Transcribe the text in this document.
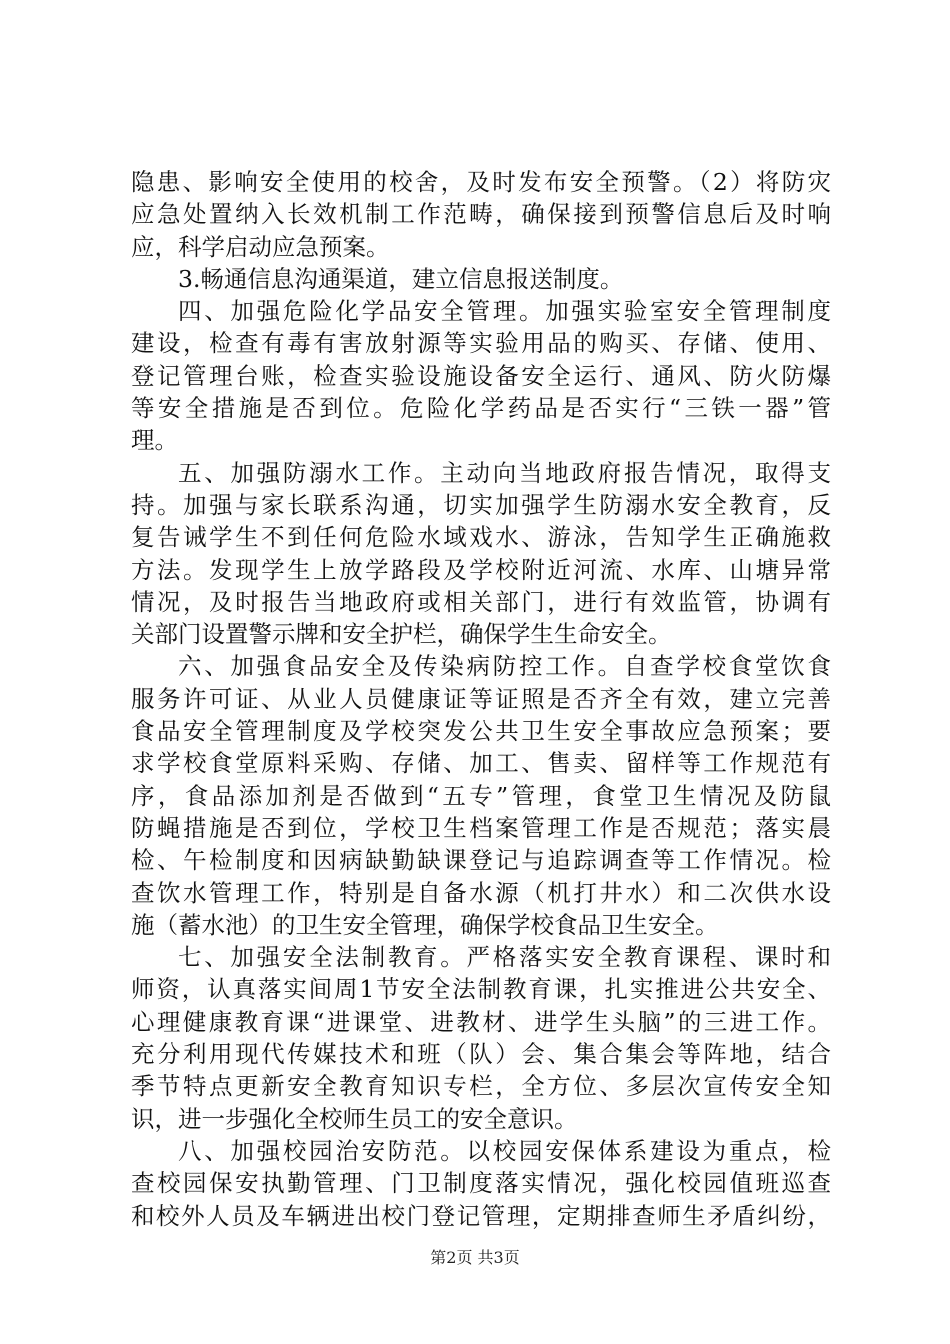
隐患、影响安全使用的校舍，及时发布安全预警。（2）将防灾
应急处置纳入长效机制工作范畴，确保接到预警信息后及时响
应，科学启动应急预案。
3.畅通信息沟通渠道，建立信息报送制度。
四、加强危险化学品安全管理。加强实验室安全管理制度
建设，检查有毒有害放射源等实验用品的购买、存储、使用、
登记管理台账，检查实验设施设备安全运行、通风、防火防爆
等安全措施是否到位。危险化学药品是否实行“三铁一器”管
理。
五、加强防溺水工作。主动向当地政府报告情况，取得支
持。加强与家长联系沟通，切实加强学生防溺水安全教育，反
复告诫学生不到任何危险水域戏水、游泳，告知学生正确施救
方法。发现学生上放学路段及学校附近河流、水库、山塘异常
情况，及时报告当地政府或相关部门，进行有效监管，协调有
关部门设置警示牌和安全护栏，确保学生生命安全。
六、加强食品安全及传染病防控工作。自查学校食堂饮食
服务许可证、从业人员健康证等证照是否齐全有效，建立完善
食品安全管理制度及学校突发公共卫生安全事故应急预案；要
求学校食堂原料采购、存储、加工、售卖、留样等工作规范有
序，食品添加剂是否做到“五专”管理，食堂卫生情况及防鼠
防蝇措施是否到位，学校卫生档案管理工作是否规范；落实晨
检、午检制度和因病缺勤缺课登记与追踪调查等工作情况。检
查饮水管理工作，特别是自备水源（机打井水）和二次供水设
施（蓄水池）的卫生安全管理，确保学校食品卫生安全。
七、加强安全法制教育。严格落实安全教育课程、课时和
师资，认真落实间周1节安全法制教育课，扎实推进公共安全、
心理健康教育课“进课堂、进教材、进学生头脑”的三进工作。
充分利用现代传媒技术和班（队）会、集合集会等阵地，结合
季节特点更新安全教育知识专栏，全方位、多层次宣传安全知
识，进一步强化全校师生员工的安全意识。
八、加强校园治安防范。以校园安保体系建设为重点，检
查校园保安执勤管理、门卫制度落实情况，强化校园值班巡查
和校外人员及车辆进出校门登记管理，定期排查师生矛盾纠纷，
第2页 共3页
